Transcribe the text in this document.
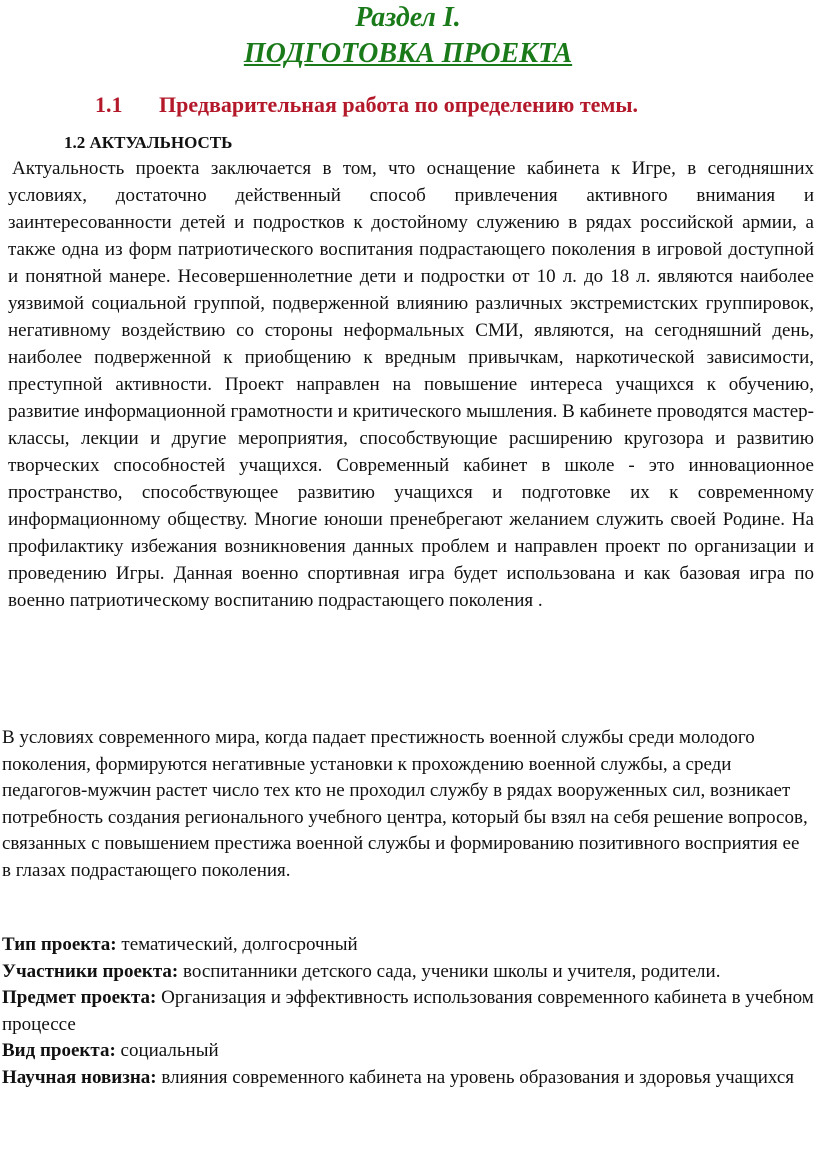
Раздел I.
ПОДГОТОВКА ПРОЕКТА
1.1 Предварительная работа по определению темы.
1.2 АКТУАЛЬНОСТЬ
Актуальность проекта заключается в том, что оснащение кабинета к Игре, в сегодняшних условиях, достаточно действенный способ привлечения активного внимания и заинтересованности детей и подростков к достойному служению в рядах российской армии, а также одна из форм патриотического воспитания подрастающего поколения в игровой доступной и понятной манере. Несовершеннолетние дети и подростки от 10 л. до 18 л. являются наиболее уязвимой социальной группой, подверженной влиянию различных экстремистских группировок, негативному воздействию со стороны неформальных СМИ, являются, на сегодняшний день, наиболее подверженной к приобщению к вредным привычкам, наркотической зависимости, преступной активности. Проект направлен на повышение интереса учащихся к обучению, развитие информационной грамотности и критического мышления. В кабинете проводятся мастер-классы, лекции и другие мероприятия, способствующие расширению кругозора и развитию творческих способностей учащихся. Современный кабинет в школе - это инновационное пространство, способствующее развитию учащихся и подготовке их к современному информационному обществу. Многие юноши пренебрегают желанием служить своей Родине. На профилактику избежания возникновения данных проблем и направлен проект по организации и проведению Игры. Данная военно спортивная игра будет использована и как базовая игра по военно патриотическому воспитанию подрастающего поколения .
В условиях современного мира, когда падает престижность военной службы среди молодого поколения, формируются негативные установки к прохождению военной службы, а среди педагогов-мужчин растет число тех кто не проходил службу в рядах вооруженных сил, возникает потребность создания регионального учебного центра, который бы взял на себя решение вопросов, связанных с повышением престижа военной службы и формированию позитивного восприятия ее в глазах подрастающего поколения.

Тип проекта: тематический, долгосрочный

Участники проекта: воспитанники детского сада, ученики школы и учителя, родители.

Предмет проекта: Организация и эффективность использования современного кабинета в учебном процессе

Вид проекта: социальный

Научная новизна: влияния современного кабинета на уровень образования и здоровья учащихся
